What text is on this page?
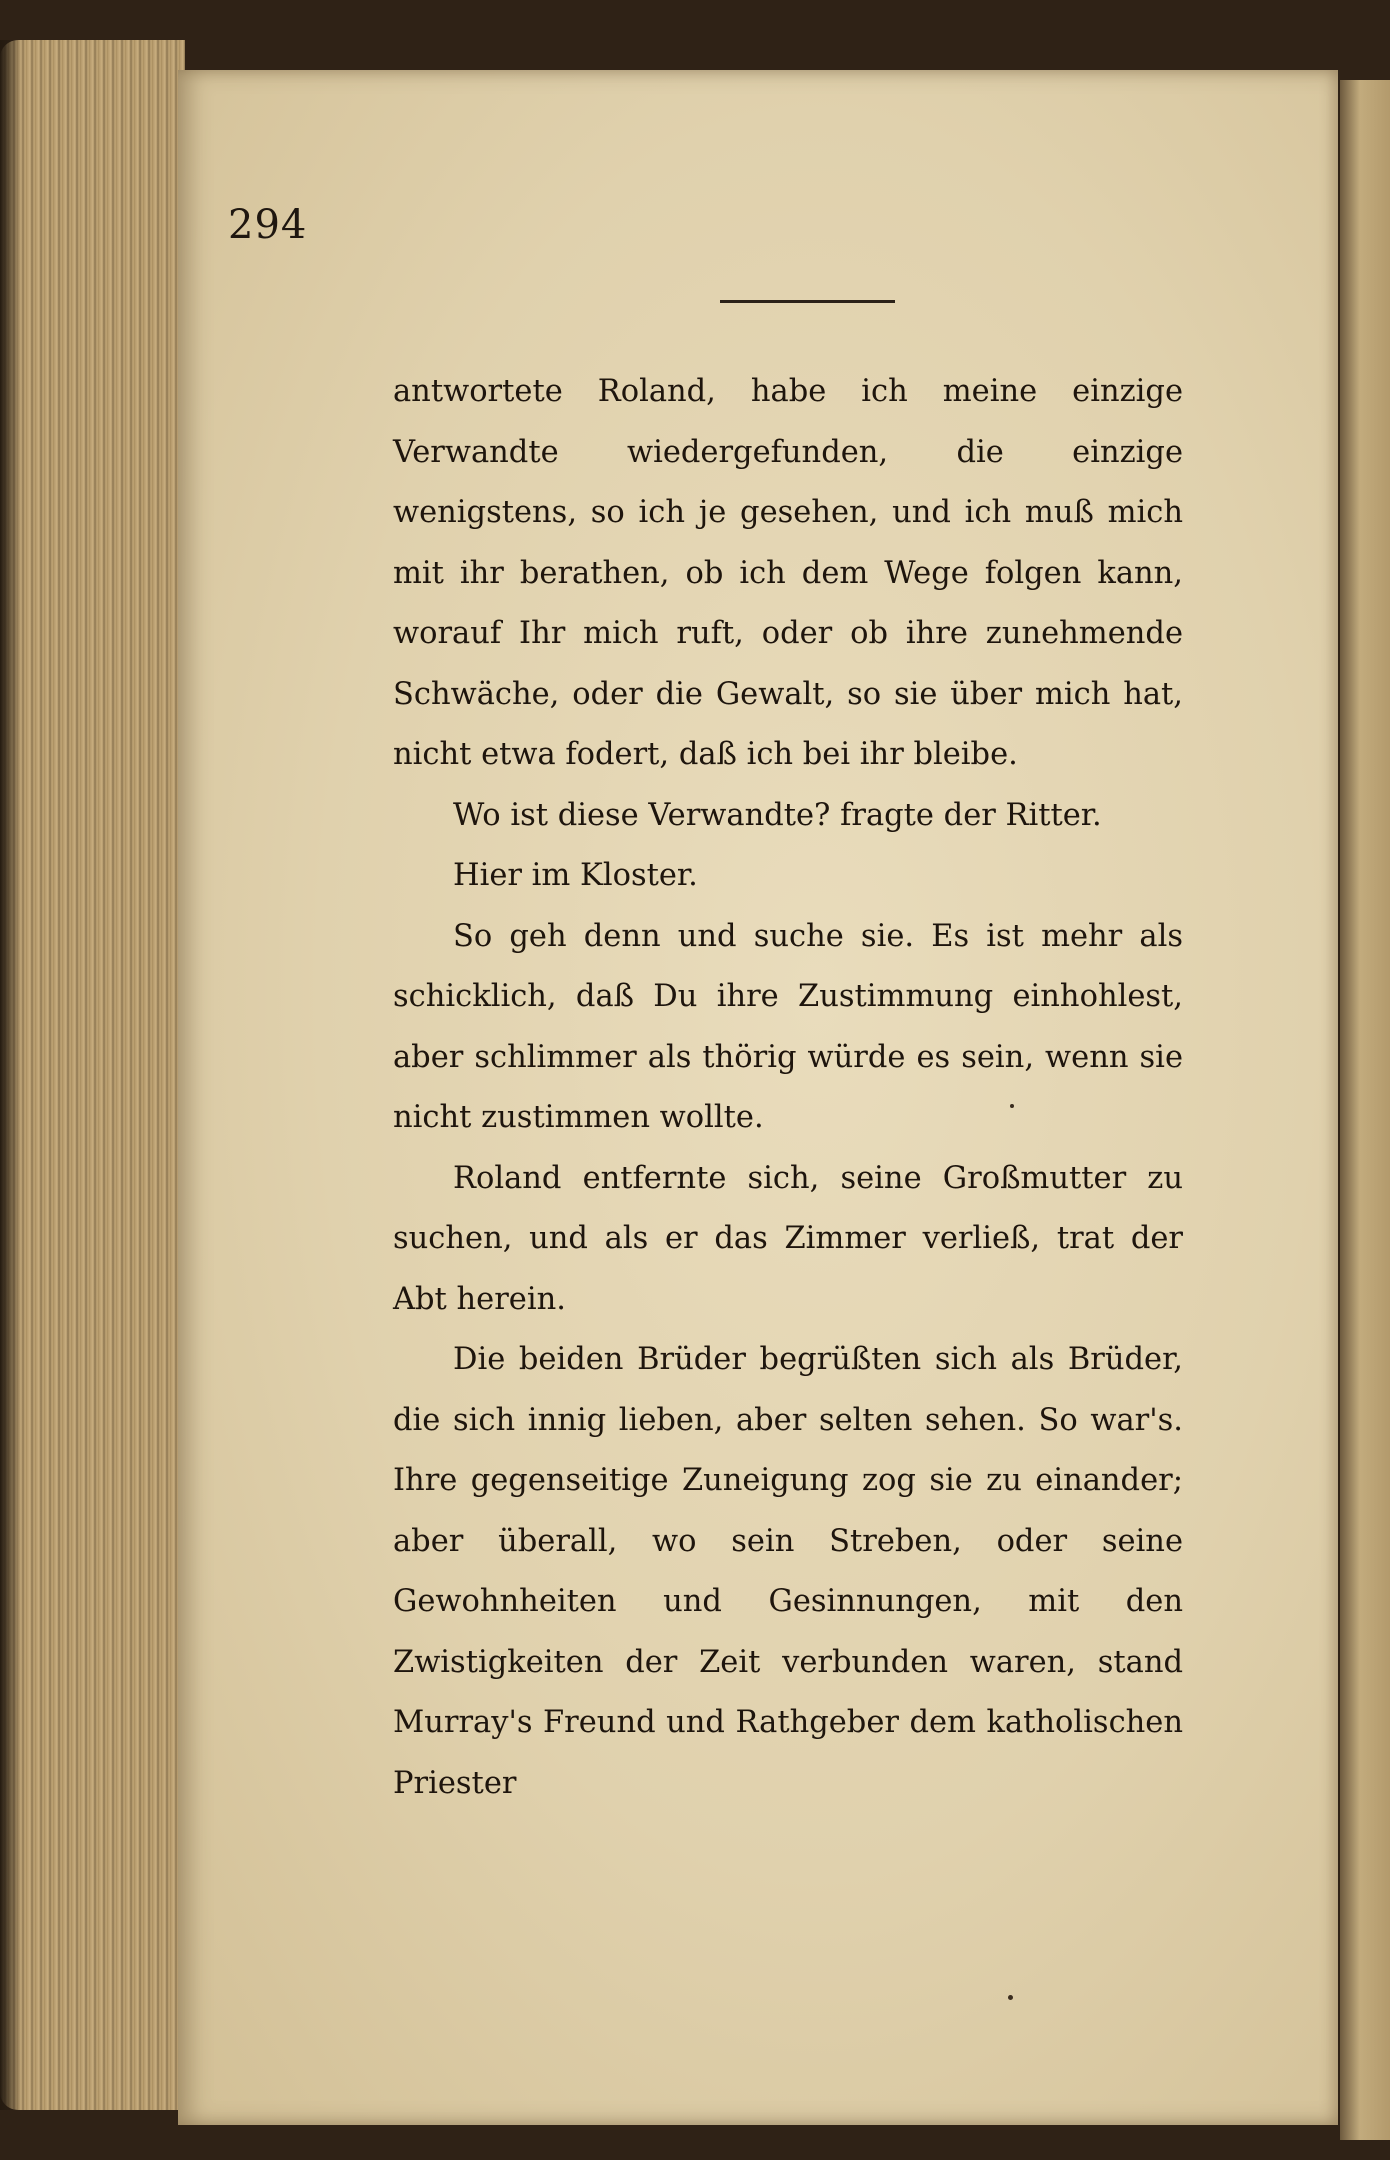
294

antwortete Roland, habe ich meine einzige Verwandte wiedergefunden, die einzige wenigstens, so ich je gesehen, und ich muß mich mit ihr berathen, ob ich dem Wege folgen kann, worauf Ihr mich ruft, oder ob ihre zunehmende Schwäche, oder die Gewalt, so sie über mich hat, nicht etwa fodert, daß ich bei ihr bleibe.

Wo ist diese Verwandte? fragte der Ritter.

Hier im Kloster.

So geh denn und suche sie. Es ist mehr als schicklich, daß Du ihre Zustimmung einhohlest, aber schlimmer als thörig würde es sein, wenn sie nicht zustimmen wollte.

Roland entfernte sich, seine Großmutter zu suchen, und als er das Zimmer verließ, trat der Abt herein.

Die beiden Brüder begrüßten sich als Brüder, die sich innig lieben, aber selten sehen. So war's. Ihre gegenseitige Zuneigung zog sie zu einander; aber überall, wo sein Streben, oder seine Gewohnheiten und Gesinnungen, mit den Zwistigkeiten der Zeit verbunden waren, stand Murray's Freund und Rathgeber dem katholischen Priester
